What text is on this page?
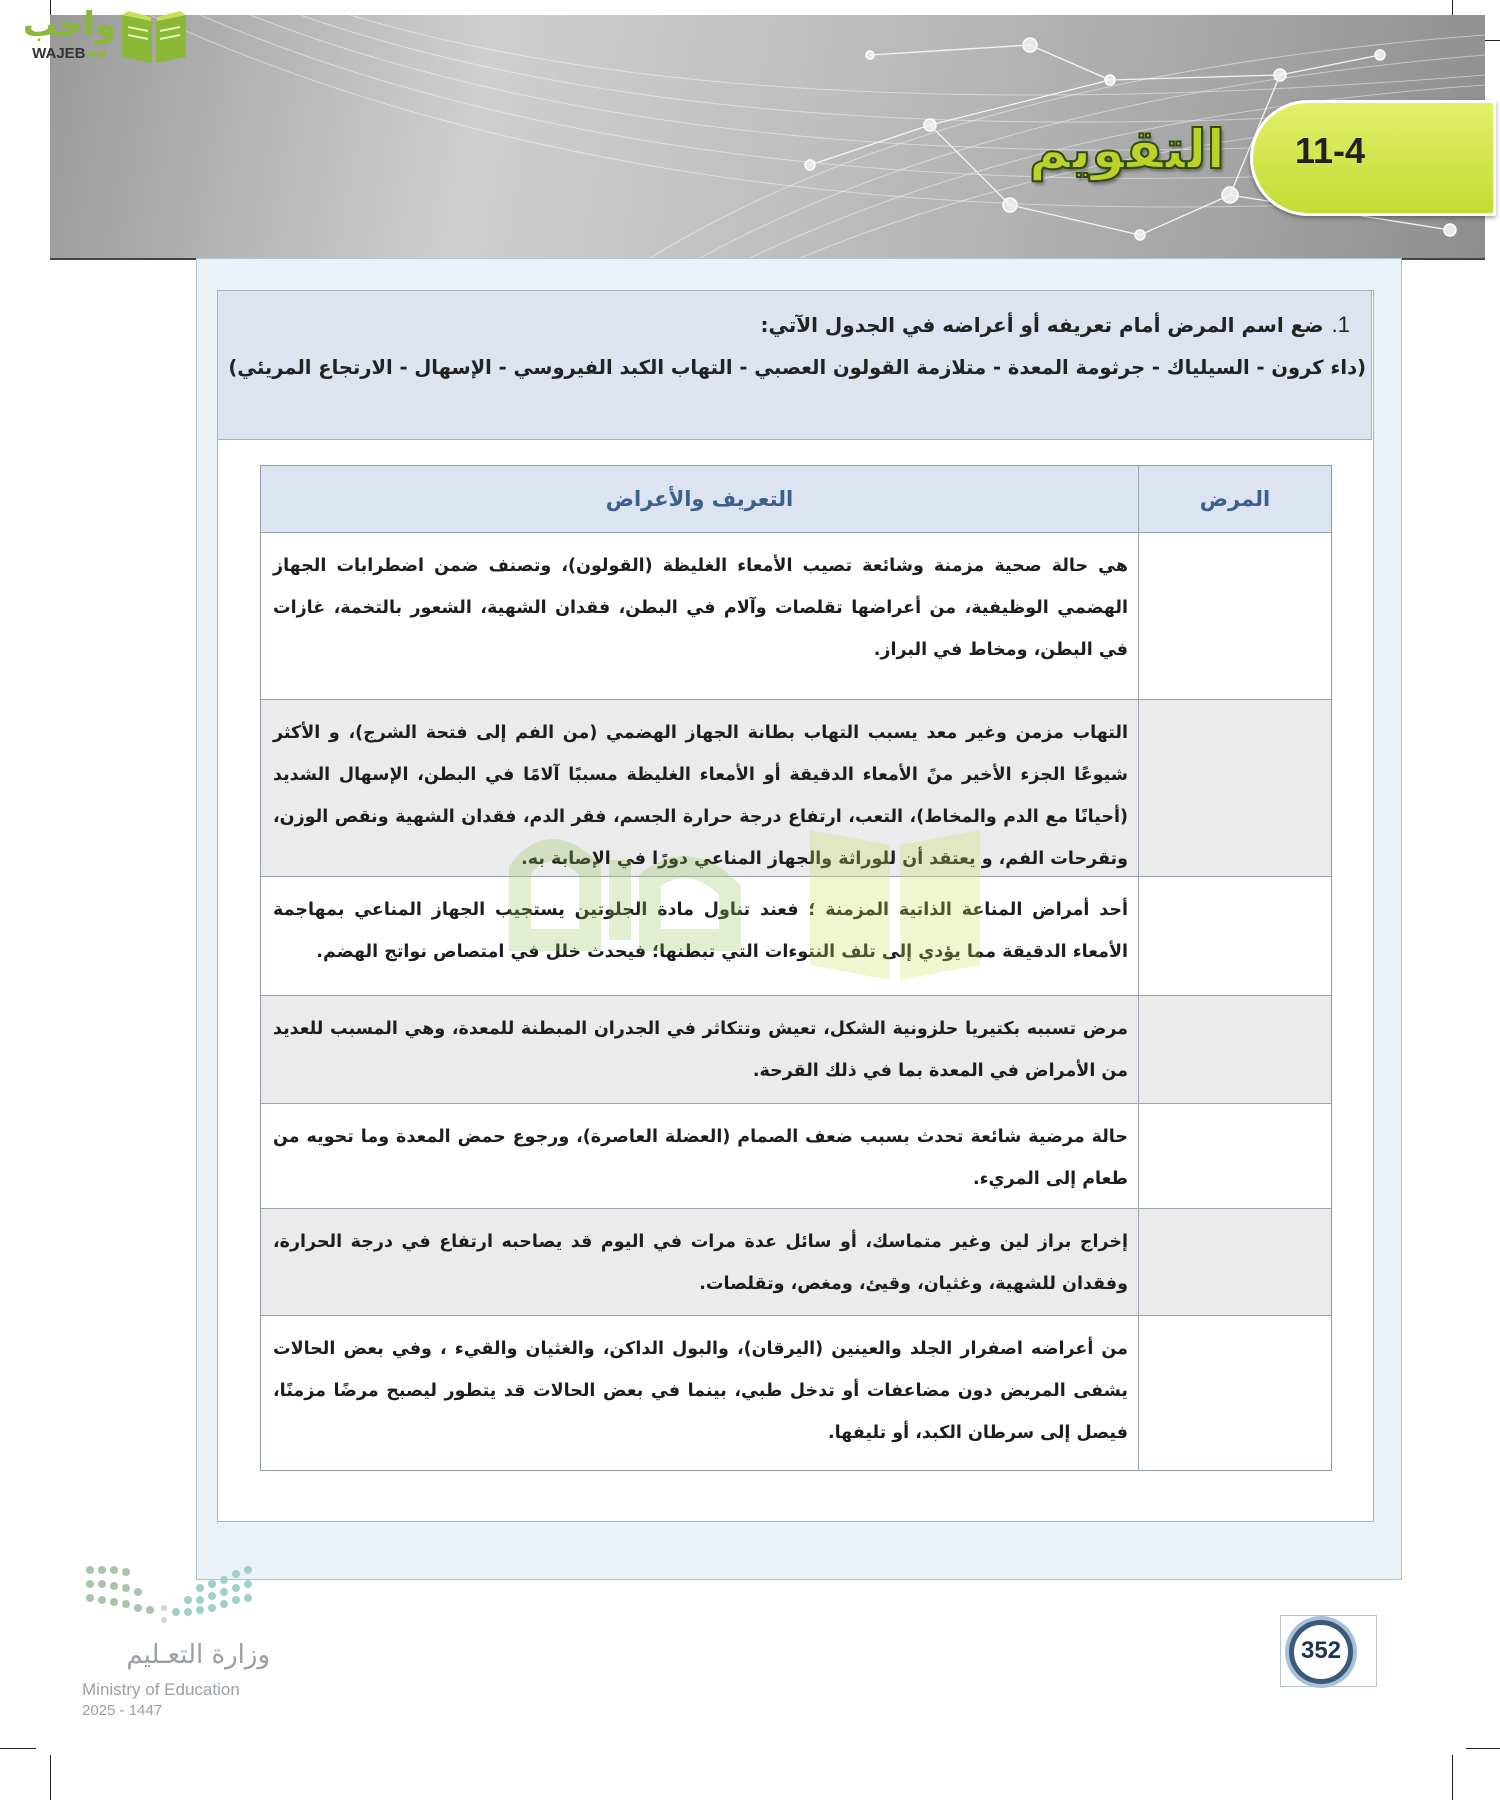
11-4
التقويم
واجب
WAJEB.net
1.ضع اسم المرض أمام تعريفه أو أعراضه في الجدول الآتي:
(داء كرون - السيلياك - جرثومة المعدة - متلازمة القولون العصبي - التهاب الكبد الفيروسي - الإسهال - الارتجاع المريئي)
المرض
التعريف والأعراض
هي حالة صحية مزمنة وشائعة تصيب الأمعاء الغليظة (القولون)، وتصنف ضمن اضطرابات الجهاز الهضمي الوظيفية، من أعراضها تقلصات وآلام في البطن، فقدان الشهية، الشعور بالتخمة، غازات في البطن، ومخاط في البراز.
التهاب مزمن وغير معد يسبب التهاب بطانة الجهاز الهضمي (من الفم إلى فتحة الشرج)، و الأكثر شيوعًا الجزء الأخير منً الأمعاء الدقيقة أو الأمعاء الغليظة مسببًا آلامًا في البطن، الإسهال الشديد (أحيانًا مع الدم والمخاط)، التعب، ارتفاع درجة حرارة الجسم، فقر الدم، فقدان الشهية ونقص الوزن، وتقرحات الفم، و يعتقد أن للوراثة والجهاز المناعي دورًا في الإصابة به.
أحد أمراض المناعة الذاتية المزمنة ؛ فعند تناول مادة الجلوتين يستجيب الجهاز المناعي بمهاجمة الأمعاء الدقيقة مما يؤدي إلى تلف النتوءات التي تبطنها؛ فيحدث خلل في امتصاص نواتج الهضم.
مرض تسببه بكتيريا حلزونية الشكل، تعيش وتتكاثر في الجدران المبطنة للمعدة، وهي المسبب للعديد من الأمراض في المعدة بما في ذلك القرحة.
حالة مرضية شائعة تحدث بسبب ضعف الصمام (العضلة العاصرة)، ورجوع حمض المعدة وما تحويه من طعام إلى المريء.
إخراج براز لين وغير متماسك، أو سائل عدة مرات في اليوم قد يصاحبه ارتفاع في درجة الحرارة، وفقدان للشهية، وغثيان، وقيئ، ومغص، وتقلصات.
من أعراضه اصفرار الجلد والعينين (اليرقان)، والبول الداكن، والغثيان والقيء ، وفي بعض الحالات يشفى المريض دون مضاعفات أو تدخل طبي، بينما في بعض الحالات قد يتطور ليصبح مرضًا مزمنًا، فيصل إلى سرطان الكبد، أو تليفها.
وزارة التعـليم
Ministry of Education
2025 - 1447
352
